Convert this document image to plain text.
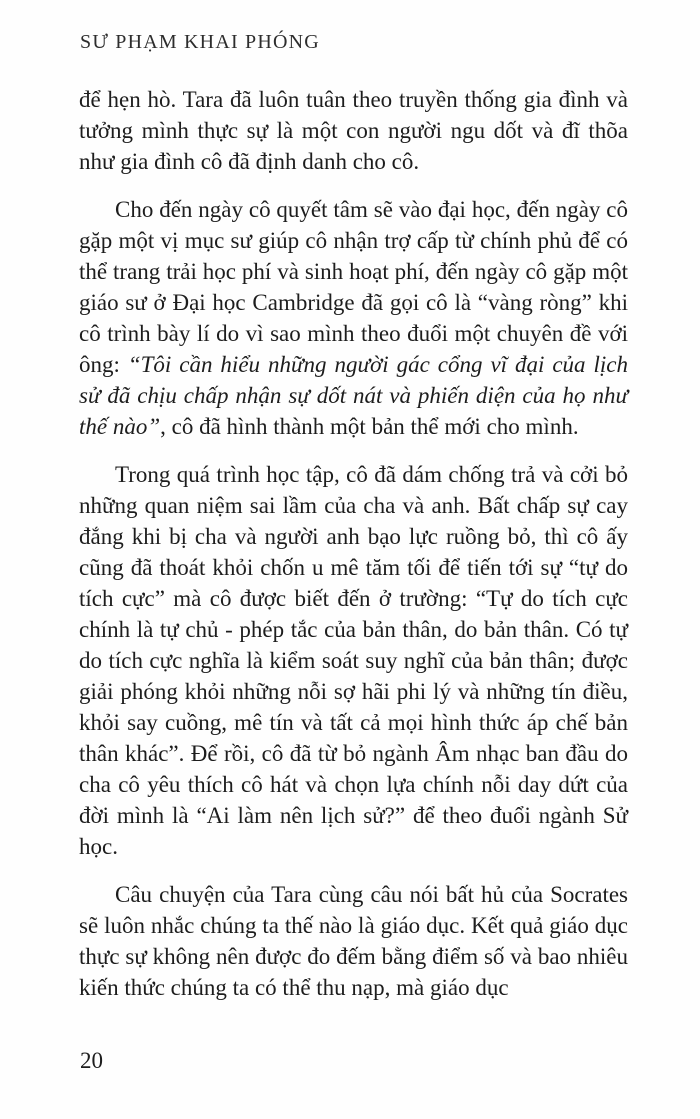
SƯ PHẠM KHAI PHÓNG

để hẹn hò. Tara đã luôn tuân theo truyền thống gia đình và tưởng mình thực sự là một con người ngu dốt và đĩ thõa như gia đình cô đã định danh cho cô.

Cho đến ngày cô quyết tâm sẽ vào đại học, đến ngày cô gặp một vị mục sư giúp cô nhận trợ cấp từ chính phủ để có thể trang trải học phí và sinh hoạt phí, đến ngày cô gặp một giáo sư ở Đại học Cambridge đã gọi cô là “vàng ròng” khi cô trình bày lí do vì sao mình theo đuổi một chuyên đề với ông: “Tôi cần hiểu những người gác cổng vĩ đại của lịch sử đã chịu chấp nhận sự dốt nát và phiến diện của họ như thế nào”, cô đã hình thành một bản thể mới cho mình.

Trong quá trình học tập, cô đã dám chống trả và cởi bỏ những quan niệm sai lầm của cha và anh. Bất chấp sự cay đắng khi bị cha và người anh bạo lực ruồng bỏ, thì cô ấy cũng đã thoát khỏi chốn u mê tăm tối để tiến tới sự “tự do tích cực” mà cô được biết đến ở trường: “Tự do tích cực chính là tự chủ - phép tắc của bản thân, do bản thân. Có tự do tích cực nghĩa là kiểm soát suy nghĩ của bản thân; được giải phóng khỏi những nỗi sợ hãi phi lý và những tín điều, khỏi say cuồng, mê tín và tất cả mọi hình thức áp chế bản thân khác”. Để rồi, cô đã từ bỏ ngành Âm nhạc ban đầu do cha cô yêu thích cô hát và chọn lựa chính nỗi day dứt của đời mình là “Ai làm nên lịch sử?” để theo đuổi ngành Sử học.

Câu chuyện của Tara cùng câu nói bất hủ của Socrates sẽ luôn nhắc chúng ta thế nào là giáo dục. Kết quả giáo dục thực sự không nên được đo đếm bằng điểm số và bao nhiêu kiến thức chúng ta có thể thu nạp, mà giáo dục

20
